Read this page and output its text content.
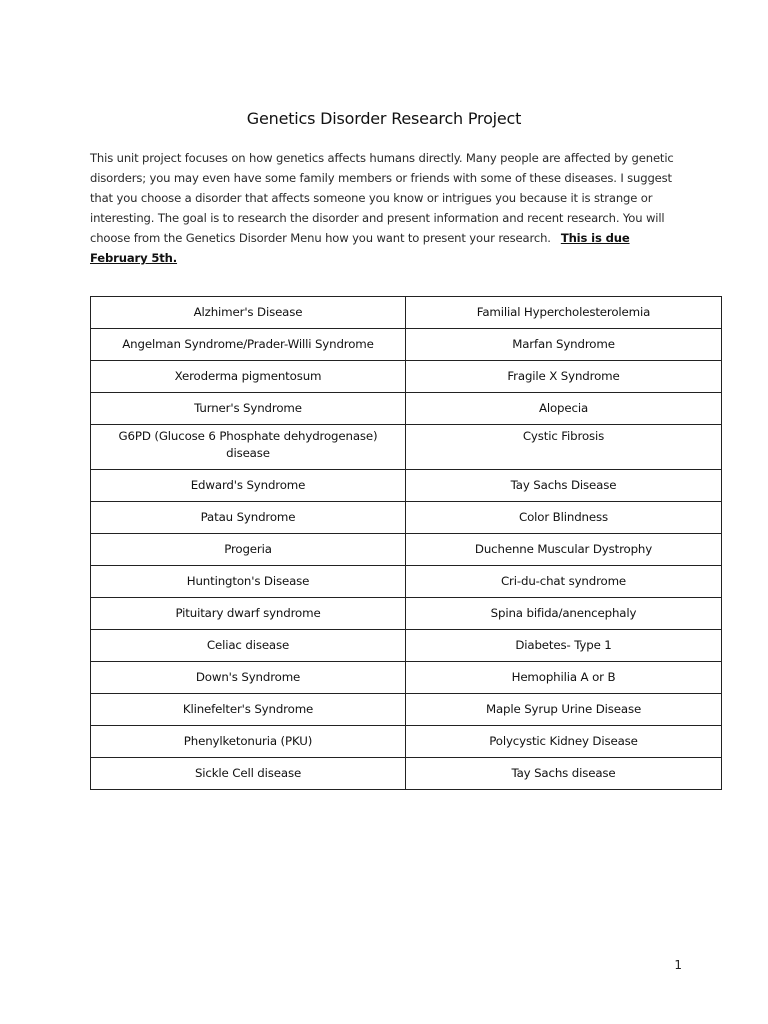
Genetics Disorder Research Project
This unit project focuses on how genetics affects humans directly. Many people are affected by genetic disorders; you may even have some family members or friends with some of these diseases. I suggest that you choose a disorder that affects someone you know or intrigues you because it is strange or interesting. The goal is to research the disorder and present information and recent research. You will choose from the Genetics Disorder Menu how you want to present your research. This is due February 5th.
Alzhimer's Disease	Familial Hypercholesterolemia
Angelman Syndrome/Prader-Willi Syndrome	Marfan Syndrome
Xeroderma pigmentosum	Fragile X Syndrome
Turner's Syndrome	Alopecia
G6PD (Glucose 6 Phosphate dehydrogenase) disease	Cystic Fibrosis
Edward's Syndrome	Tay Sachs Disease
Patau Syndrome	Color Blindness
Progeria	Duchenne Muscular Dystrophy
Huntington's Disease	Cri-du-chat syndrome
Pituitary dwarf syndrome	Spina bifida/anencephaly
Celiac disease	Diabetes- Type 1
Down's Syndrome	Hemophilia A or B
Klinefelter's Syndrome	Maple Syrup Urine Disease
Phenylketonuria (PKU)	Polycystic Kidney Disease
Sickle Cell disease	Tay Sachs disease
1
